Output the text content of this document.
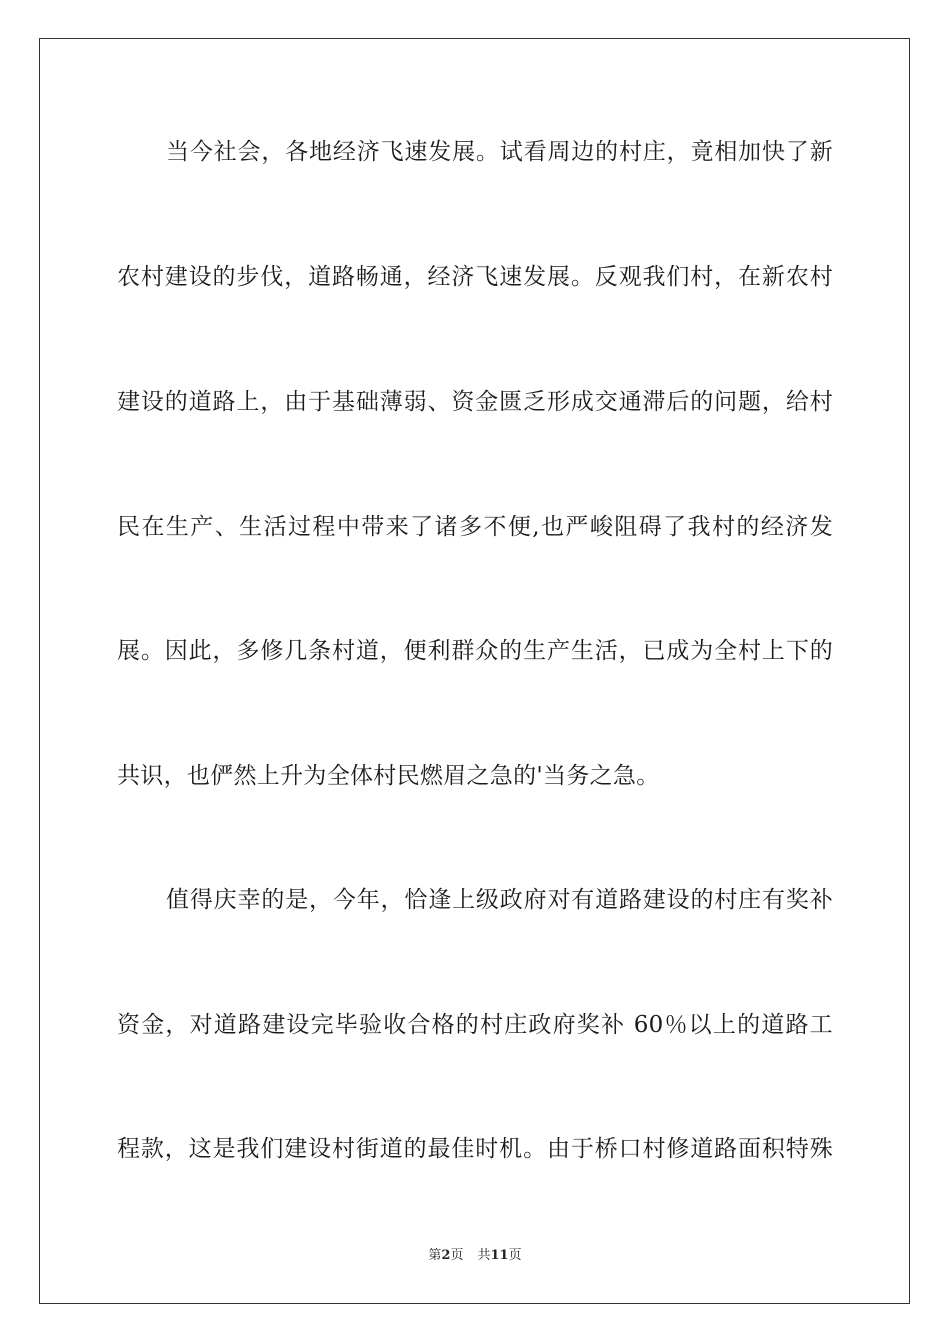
当今社会，各地经济飞速发展。试看周边的村庄，竟相加快了新
农村建设的步伐，道路畅通，经济飞速发展。反观我们村，在新农村
建设的道路上，由于基础薄弱、资金匮乏形成交通滞后的问题，给村
民在生产、生活过程中带来了诸多不便,也严峻阻碍了我村的经济发
展。因此，多修几条村道，便利群众的生产生活，已成为全村上下的
共识，也俨然上升为全体村民燃眉之急的'当务之急。
值得庆幸的是，今年，恰逢上级政府对有道路建设的村庄有奖补
资金，对道路建设完毕验收合格的村庄政府奖补 60％以上的道路工
程款，这是我们建设村街道的最佳时机。由于桥口村修道路面积特殊
第2页 共11页
